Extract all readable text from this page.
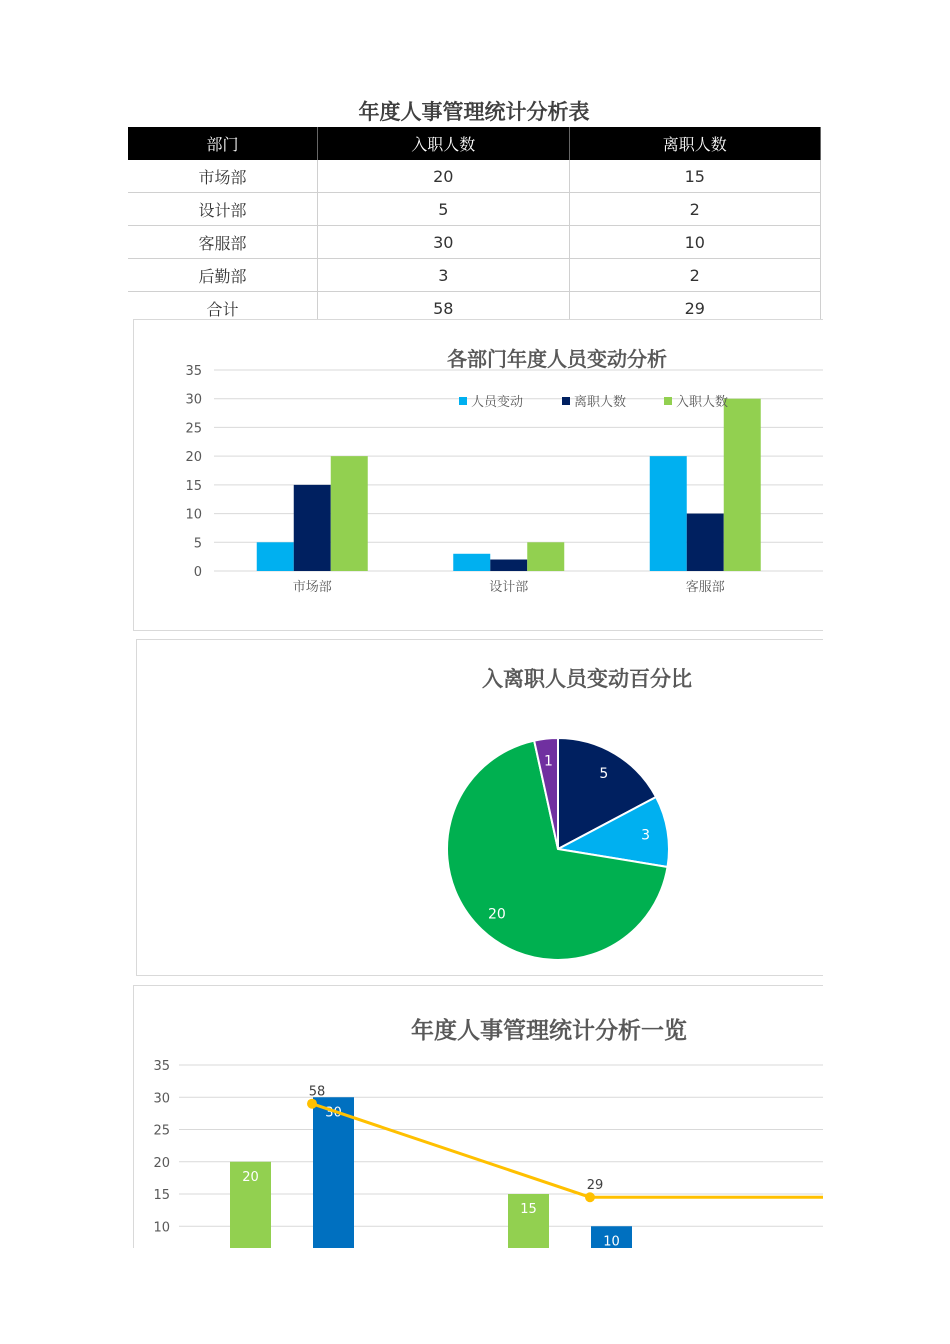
年度人事管理统计分析表
部门	入职人数	离职人数
市场部	20	15
设计部	5	2
客服部	30	10
后勤部	3	2
合计	58	29
各部门年度人员变动分析
0
5
10
15
20
25
30
35
市场部	设计部	客服部
人员变动	离职人数	入职人数
入离职人员变动百分比
5
3
20
1
年度人事管理统计分析一览
10
15
20
25
30
35
20
30
15
10
58
29
